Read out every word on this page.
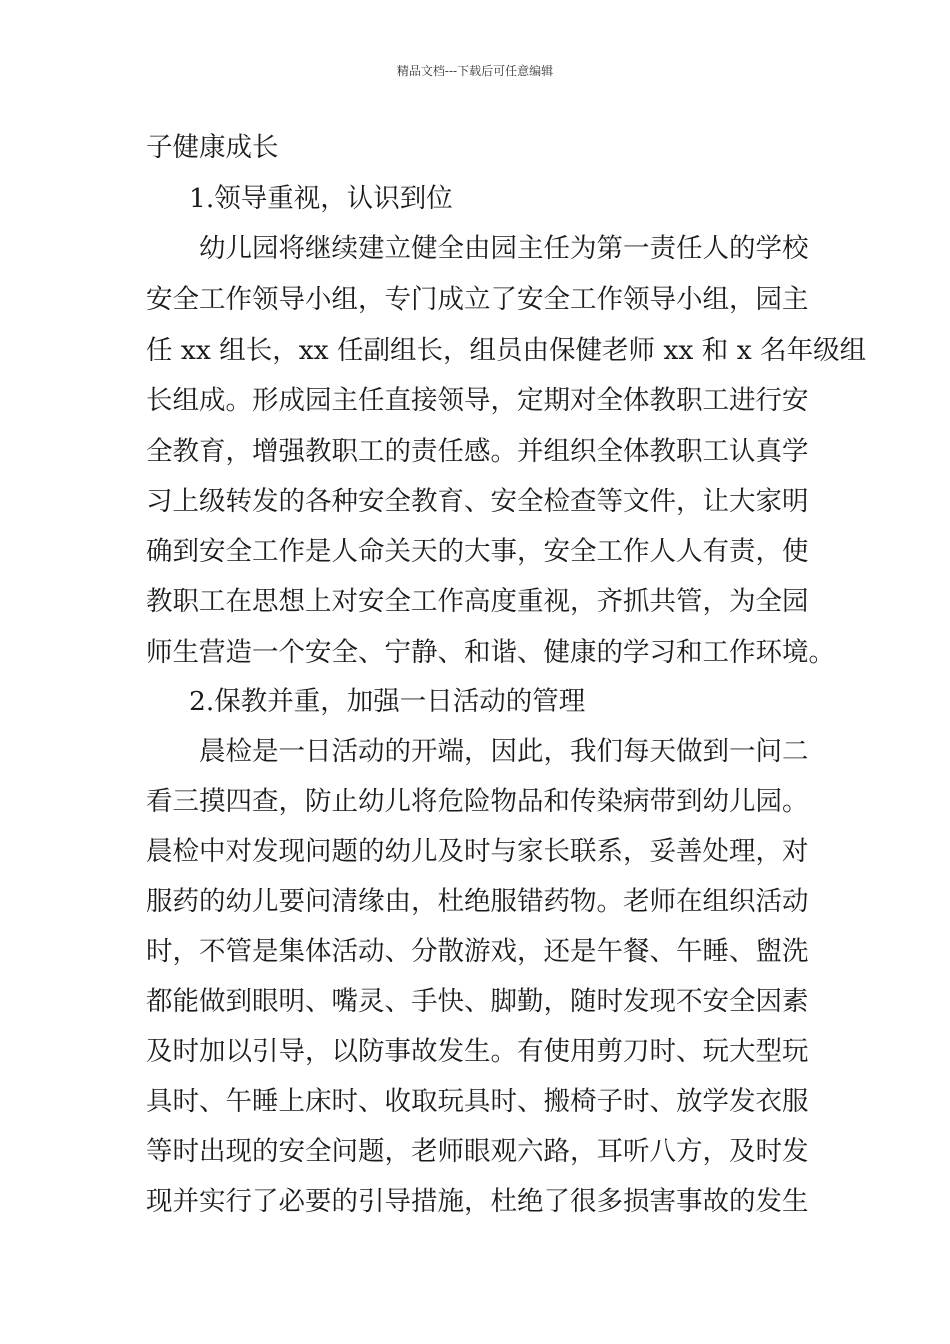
精品文档---下载后可任意编辑
子健康成长
1.领导重视，认识到位
幼儿园将继续建立健全由园主任为第一责任人的学校
安全工作领导小组，专门成立了安全工作领导小组，园主
任 xx 组长，xx 任副组长，组员由保健老师 xx 和 x 名年级组
长组成。形成园主任直接领导，定期对全体教职工进行安
全教育，增强教职工的责任感。并组织全体教职工认真学
习上级转发的各种安全教育、安全检查等文件，让大家明
确到安全工作是人命关天的大事，安全工作人人有责，使
教职工在思想上对安全工作高度重视，齐抓共管，为全园
师生营造一个安全、宁静、和谐、健康的学习和工作环境。
2.保教并重，加强一日活动的管理
晨检是一日活动的开端，因此，我们每天做到一问二
看三摸四查，防止幼儿将危险物品和传染病带到幼儿园。
晨检中对发现问题的幼儿及时与家长联系，妥善处理，对
服药的幼儿要问清缘由，杜绝服错药物。老师在组织活动
时，不管是集体活动、分散游戏，还是午餐、午睡、盥洗
都能做到眼明、嘴灵、手快、脚勤，随时发现不安全因素
及时加以引导，以防事故发生。有使用剪刀时、玩大型玩
具时、午睡上床时、收取玩具时、搬椅子时、放学发衣服
等时出现的安全问题，老师眼观六路，耳听八方，及时发
现并实行了必要的引导措施，杜绝了很多损害事故的发生
